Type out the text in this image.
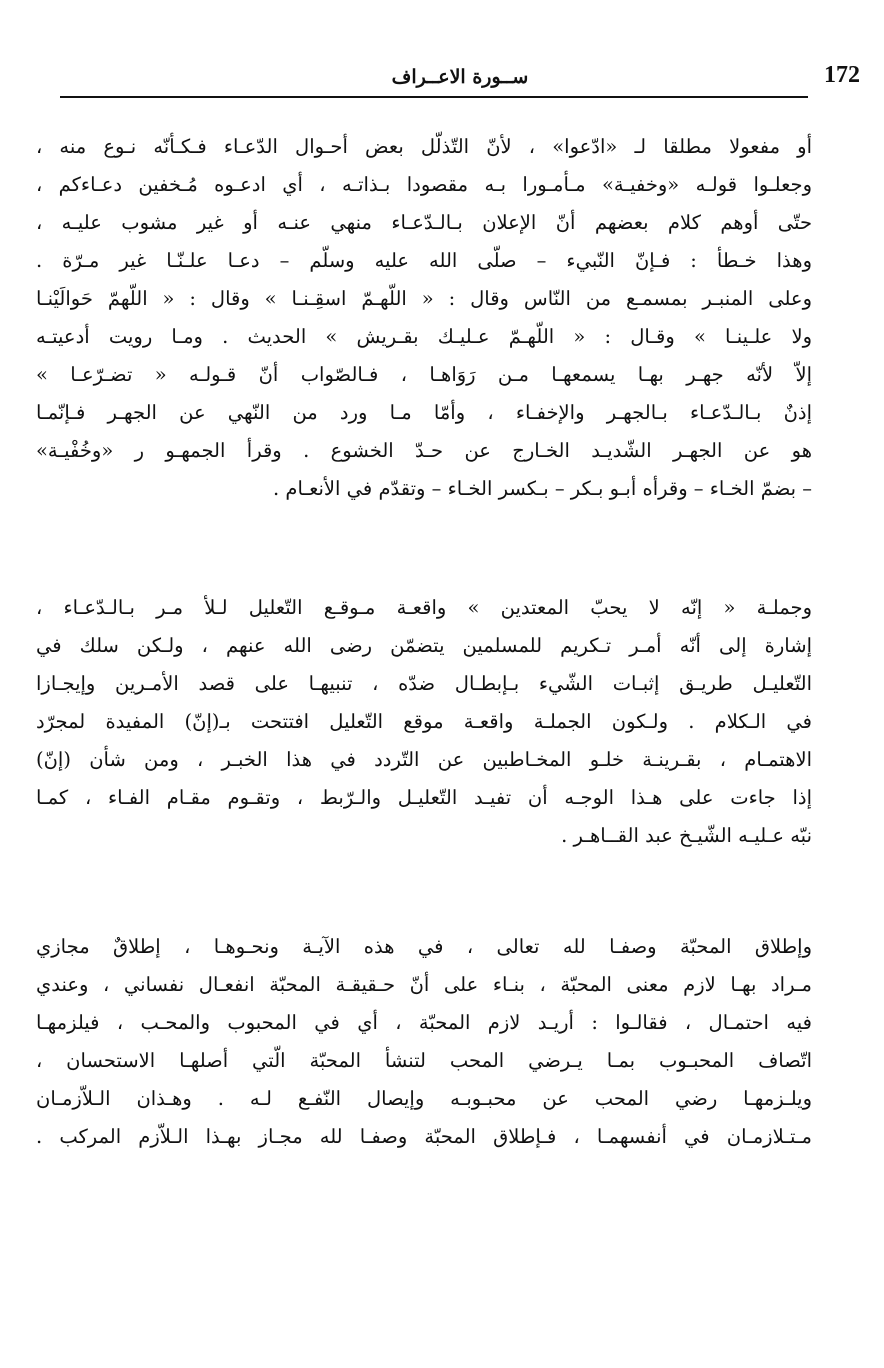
172
ســورة الاعــراف
أو مفعولا مطلقا لـ «ادّعوا» ، لأنّ التّذلّل بعض أحـوال الدّعـاء فـكـأنّه نـوع منه ،
وجعلـوا قولـه «وخفيـة» مـأمـورا بـه مقصودا بـذاتـه ، أي ادعـوه مُـخفين دعـاءكم ،
حتّى أوهم كلام بعضهم أنّ الإعلان بـالـدّعـاء منهي عنـه أو غير مشوب عليـه ،
وهذا خـطأ : فـإنّ النّبيء – صلّى الله عليه وسلّم – دعـا علـنّـا غير مـرّة .
وعلى المنبـر بمسمـع من النّاس وقال : « اللّهـمّ اسقِـنـا » وقال : « اللّهمّ حَوالَيْنـا
ولا علـينـا » وقـال : « اللّهـمّ عـليـك بقـريش » الحديث . ومـا رويت أدعيتـه
إلاّ لأنّه جهـر بهـا يسمعهـا مـن رَوَاهـا ، فـالصّواب أنّ قـولـه « تضـرّعـا »
إذنٌ بـالـدّعـاء بـالجهـر والإخفـاء ، وأمّا مـا ورد من النّهي عن الجهـر فـإنّمـا
هو عن الجهـر الشّديـد الخـارج عن حـدّ الخشوع . وقرأ الجمهـو ر «وخُفْيـة»
– بضمّ الخـاء – وقرأه أبـو بـكر – بـكسر الخـاء – وتقدّم في الأنعـام .
وجملـة « إنّه لا يحبّ المعتدين » واقعـة مـوقـع التّعليل لـلأ مـر بـالـدّعـاء ،
إشارة إلى أنّه أمـر تـكريم للمسلمين يتضمّن رضى الله عنهم ، ولـكن سلك في
التّعليـل طريـق إثبـات الشّيء بـإبطـال ضدّه ، تنبيهـا على قصد الأمـرين وإيجـازا
في الـكلام . ولـكون الجملـة واقعـة موقع التّعليل افتتحت بـ(إنّ) المفيدة لمجرّد
الاهتمـام ، بقـرينـة خلـو المخـاطبين عن التّردد في هذا الخبـر ، ومن شأن (إنّ)
إذا جاءت على هـذا الوجـه أن تفيـد التّعليـل والـرّبط ، وتقـوم مقـام الفـاء ، كمـا
نبّه عـليـه الشّيـخ عبد القــاهـر .
وإطلاق المحبّة وصفـا لله تعالى ، في هذه الآيـة ونحـوهـا ، إطلاقٌ مجازي
مـراد بهـا لازم معنى المحبّة ، بنـاء على أنّ حـقيقـة المحبّة انفعـال نفساني ، وعندي
فيه احتمـال ، فقالـوا : أريـد لازم المحبّة ، أي في المحبوب والمحـب ، فيلزمهـا
اتّصاف المحبـوب بمـا يـرضي المحب لتنشأ المحبّة الّتي أصلهـا الاستحسان ،
ويلـزمهـا رضي المحب عن محبـوبـه وإيصال النّفـع لـه . وهـذان الـلاّزمـان
مـتـلازمـان في أنفسهمـا ، فـإطلاق المحبّة وصفـا لله مجـاز بهـذا الـلاّزم المركب .
